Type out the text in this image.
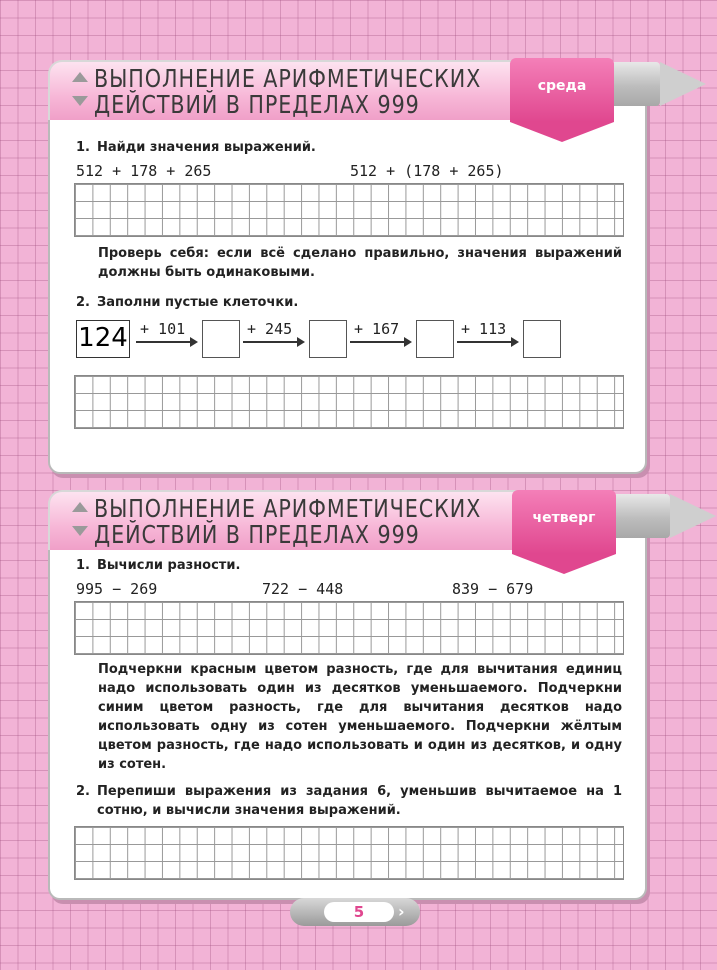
ВЫПОЛНЕНИЕ АРИФМЕТИЧЕСКИХ
ДЕЙСТВИЙ В ПРЕДЕЛАХ 999
среда
1. Найди значения выражений.
512 + 178 + 265	512 + (178 + 265)
Проверь себя: если всё сделано правильно, значения выражений должны быть одинаковыми.
2. Заполни пустые клеточки.
124 + 101	+ 245	+ 167	+ 113
ВЫПОЛНЕНИЕ АРИФМЕТИЧЕСКИХ
ДЕЙСТВИЙ В ПРЕДЕЛАХ 999
четверг
1. Вычисли разности.
995 − 269	722 − 448	839 − 679
Подчеркни красным цветом разность, где для вычитания единиц надо использовать один из десятков уменьшаемого. Подчеркни синим цветом разность, где для вычитания десятков надо использовать одну из сотен уменьшаемого. Подчеркни жёлтым цветом разность, где надо использовать и один из десятков, и одну из сотен.
2. Перепиши выражения из задания 6, уменьшив вычитаемое на 1 сотню, и вычисли значения выражений.
5	›
